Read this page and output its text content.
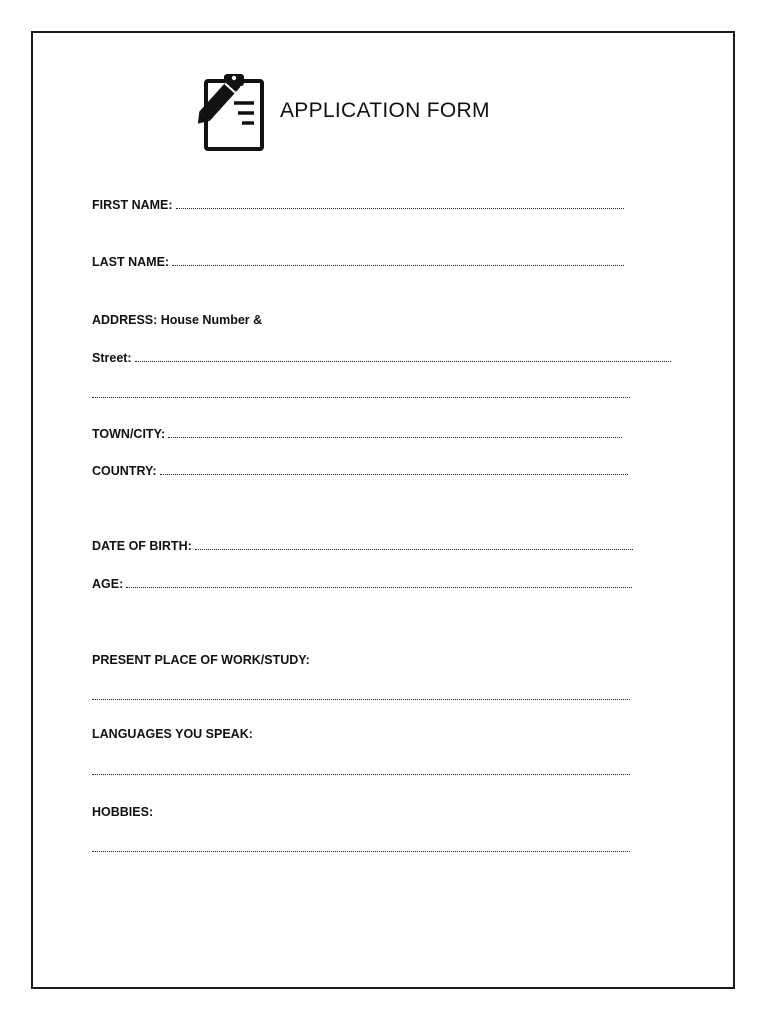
APPLICATION FORM
FIRST NAME:
LAST NAME:
ADDRESS: House Number &
Street:
TOWN/CITY:
COUNTRY:
DATE OF BIRTH:
AGE:
PRESENT PLACE OF WORK/STUDY:
LANGUAGES YOU SPEAK:
HOBBIES:
